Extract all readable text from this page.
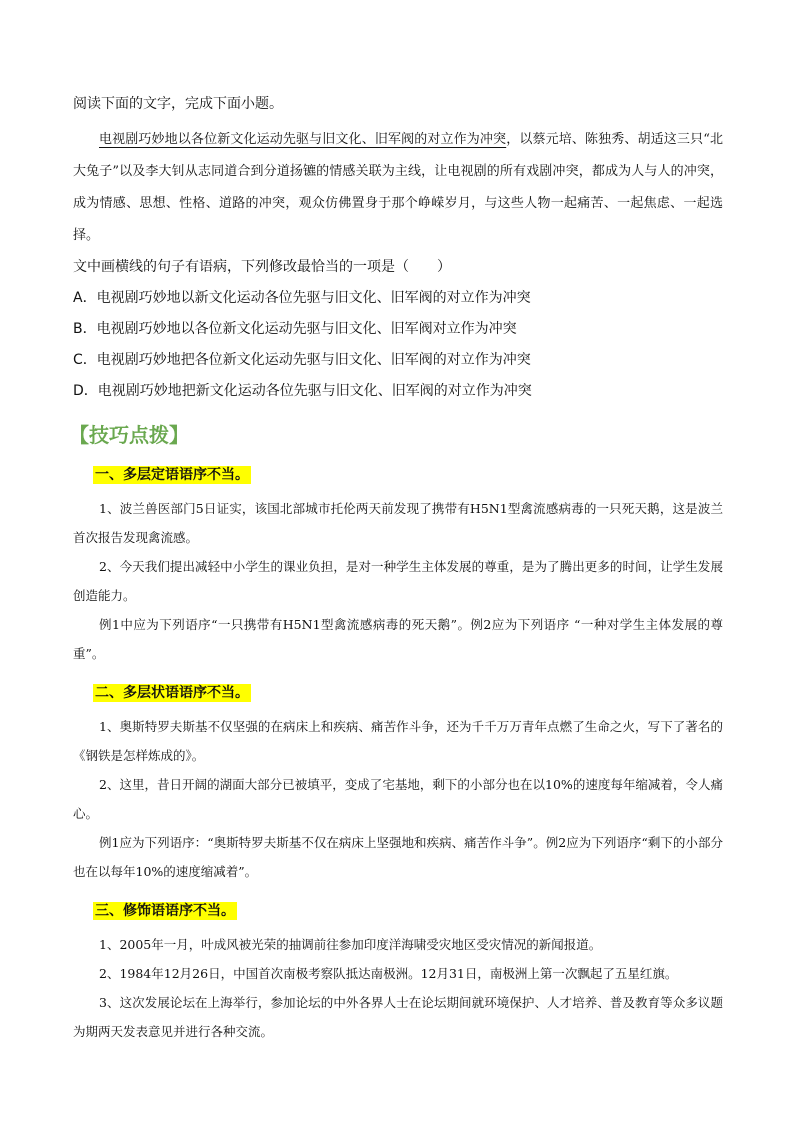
阅读下面的文字，完成下面小题。

电视剧巧妙地以各位新文化运动先驱与旧文化、旧军阀的对立作为冲突，以蔡元培、陈独秀、胡适这三只“北大兔子”以及李大钊从志同道合到分道扬镳的情感关联为主线，让电视剧的所有戏剧冲突，都成为人与人的冲突，成为情感、思想、性格、道路的冲突，观众仿佛置身于那个峥嵘岁月，与这些人物一起痛苦、一起焦虑、一起选择。

文中画横线的句子有语病，下列修改最恰当的一项是（　　）

A．电视剧巧妙地以新文化运动各位先驱与旧文化、旧军阀的对立作为冲突

B．电视剧巧妙地以各位新文化运动先驱与旧文化、旧军阀对立作为冲突

C．电视剧巧妙地把各位新文化运动先驱与旧文化、旧军阀的对立作为冲突

D．电视剧巧妙地把新文化运动各位先驱与旧文化、旧军阀的对立作为冲突

【技巧点拨】

一、多层定语语序不当。

1、波兰兽医部门5日证实，该国北部城市托伦两天前发现了携带有H5N1型禽流感病毒的一只死天鹅，这是波兰首次报告发现禽流感。

2、今天我们提出减轻中小学生的课业负担，是对一种学生主体发展的尊重，是为了腾出更多的时间，让学生发展创造能力。

例1中应为下列语序“一只携带有H5N1型禽流感病毒的死天鹅”。例2应为下列语序 “一种对学生主体发展的尊重”。

二、多层状语语序不当。

1、奥斯特罗夫斯基不仅坚强的在病床上和疾病、痛苦作斗争，还为千千万万青年点燃了生命之火，写下了著名的《钢铁是怎样炼成的》。

2、这里，昔日开阔的湖面大部分已被填平，变成了宅基地，剩下的小部分也在以10%的速度每年缩减着，令人痛心。

例1应为下列语序：“奥斯特罗夫斯基不仅在病床上坚强地和疾病、痛苦作斗争”。例2应为下列语序“剩下的小部分也在以每年10%的速度缩减着”。

三、修饰语语序不当。

1、2005年一月，叶成风被光荣的抽调前往参加印度洋海啸受灾地区受灾情况的新闻报道。

2、1984年12月26日，中国首次南极考察队抵达南极洲。12月31日，南极洲上第一次飘起了五星红旗。

3、这次发展论坛在上海举行，参加论坛的中外各界人士在论坛期间就环境保护、人才培养、普及教育等众多议题为期两天发表意见并进行各种交流。
